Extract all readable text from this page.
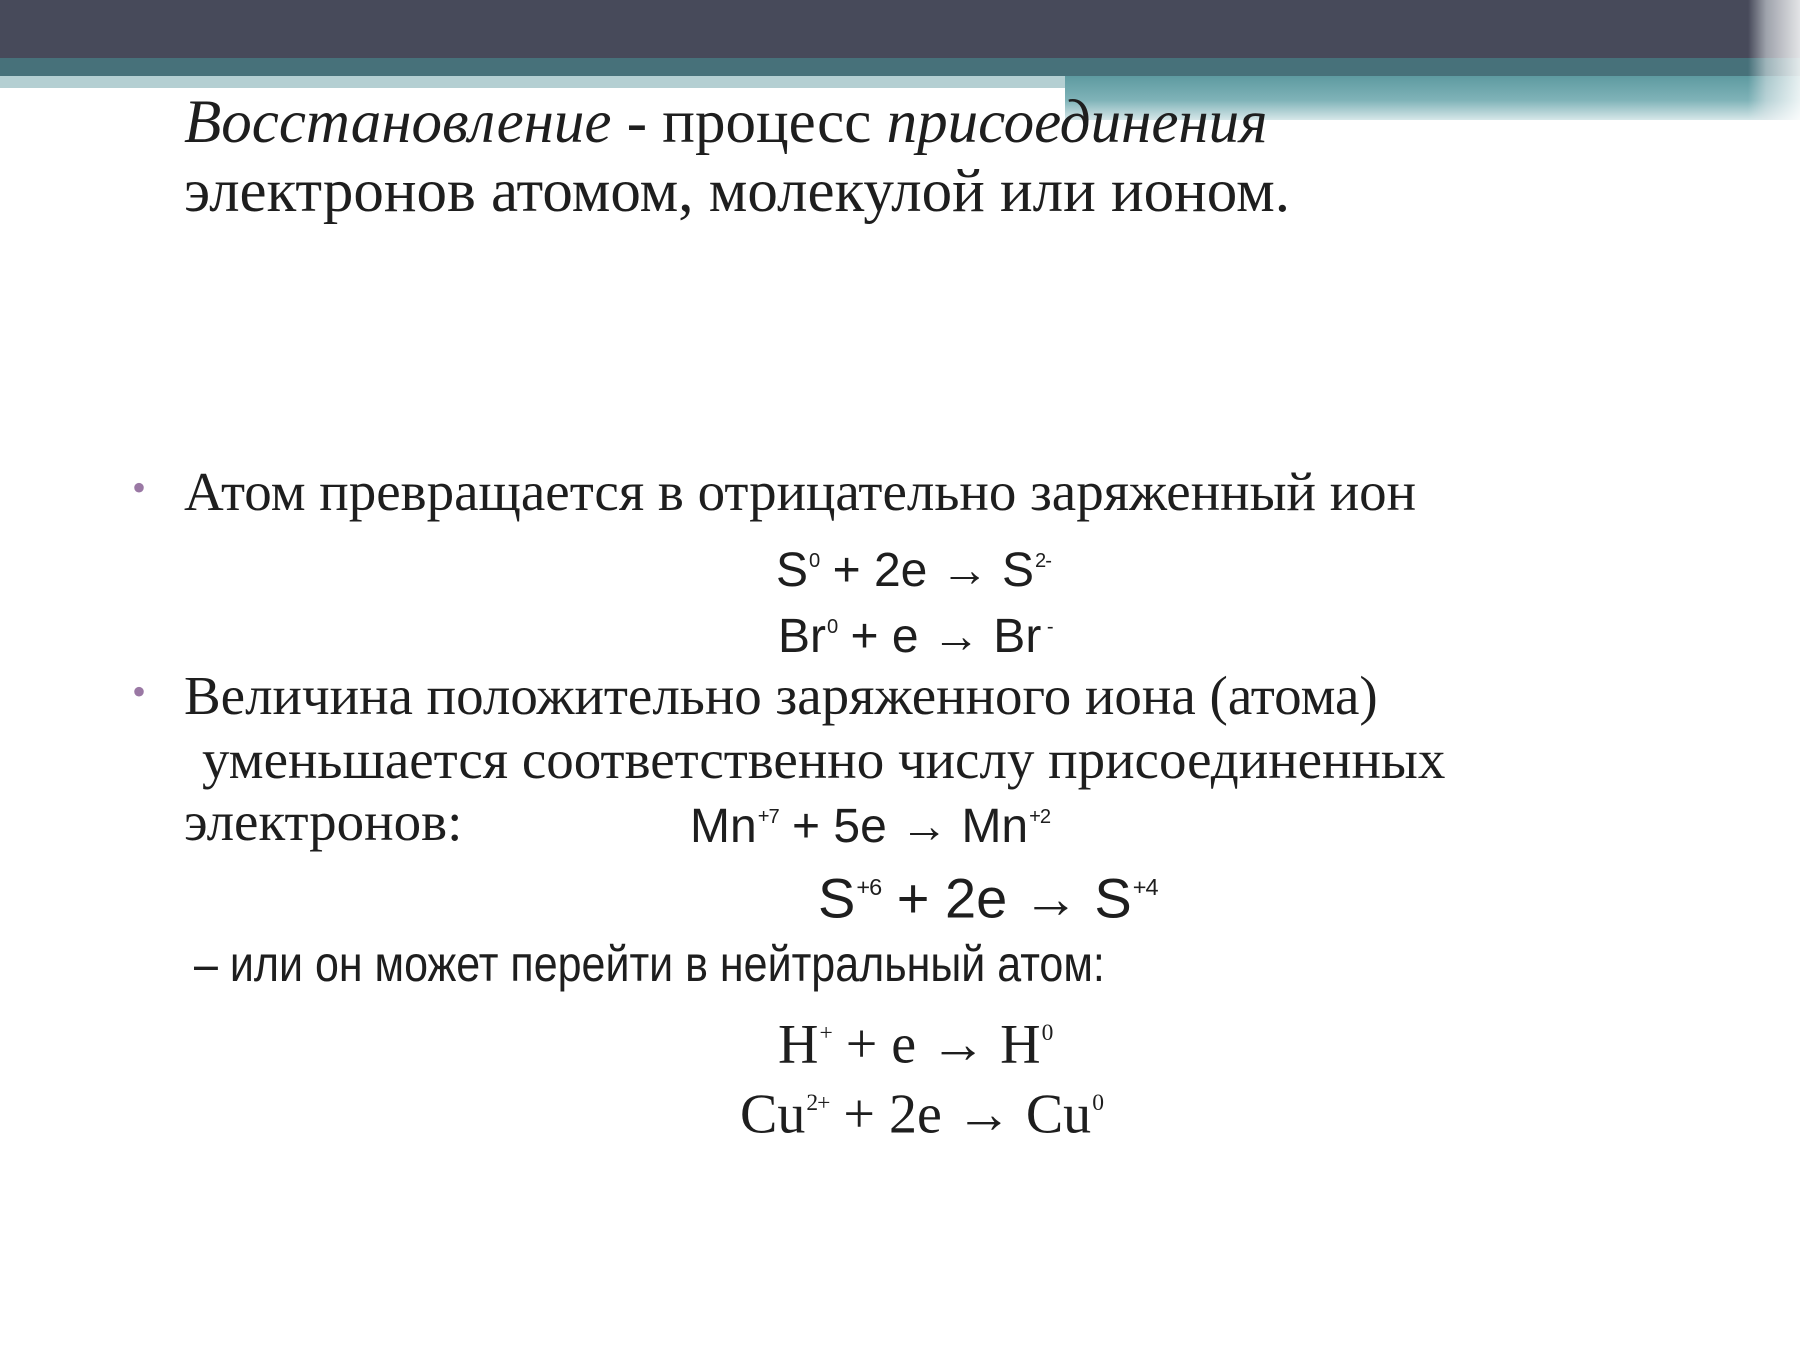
Восстановление - процесс присоединения
электронов атомом, молекулой или ионом.
• Атом превращается в отрицательно заряженный ион
$S^0 + 2e \to S^{2-}$
$Br^0 + e \to Br$ -
• Величина положительно заряженного иона (атома)
уменьшается соответственно числу присоединенных
электронов:	$Mn^{+7} + 5e \to Mn^{+2}$
$S^{+6} + 2e \to S^{+4}$
– или он может перейти в нейтральный атом:
$H^+ + e \to H^0$
$Cu^{2+} + 2e \to Cu^0$
